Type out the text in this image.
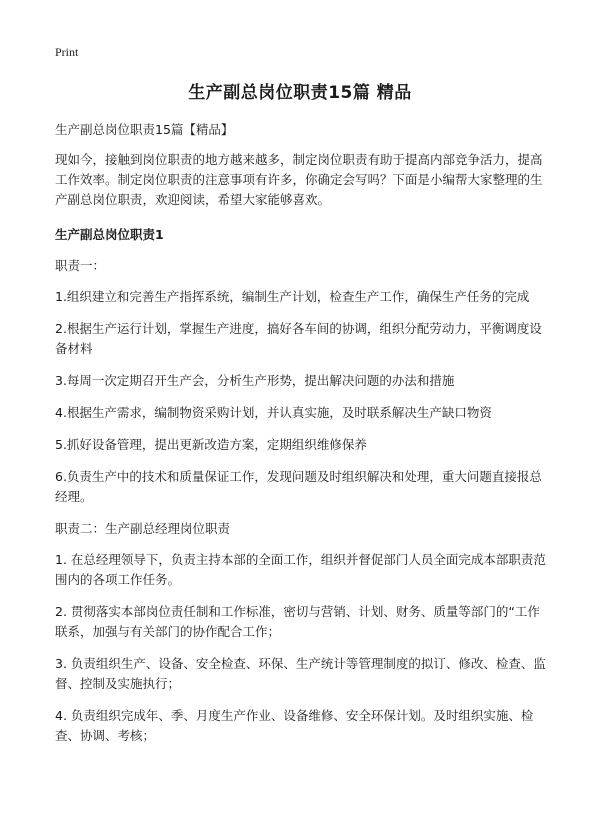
Print
生产副总岗位职责15篇 精品

生产副总岗位职责15篇【精品】

现如今，接触到岗位职责的地方越来越多，制定岗位职责有助于提高内部竞争活力，提高工作效率。制定岗位职责的注意事项有许多，你确定会写吗？下面是小编帮大家整理的生产副总岗位职责，欢迎阅读，希望大家能够喜欢。

生产副总岗位职责1

职责一：

1.组织建立和完善生产指挥系统，编制生产计划，检查生产工作，确保生产任务的完成

2.根据生产运行计划，掌握生产进度，搞好各车间的协调，组织分配劳动力，平衡调度设备材料

3.每周一次定期召开生产会，分析生产形势，提出解决问题的办法和措施

4.根据生产需求，编制物资采购计划，并认真实施，及时联系解决生产缺口物资

5.抓好设备管理，提出更新改造方案，定期组织维修保养

6.负责生产中的技术和质量保证工作，发现问题及时组织解决和处理，重大问题直接报总经理。

职责二：生产副总经理岗位职责

1. 在总经理领导下，负责主持本部的全面工作，组织并督促部门人员全面完成本部职责范围内的各项工作任务。

2. 贯彻落实本部岗位责任制和工作标准，密切与营销、计划、财务、质量等部门的“工作联系，加强与有关部门的协作配合工作；

3. 负责组织生产、设备、安全检查、环保、生产统计等管理制度的拟订、修改、检查、监督、控制及实施执行；

4. 负责组织完成年、季、月度生产作业、设备维修、安全环保计划。及时组织实施、检查、协调、考核；
